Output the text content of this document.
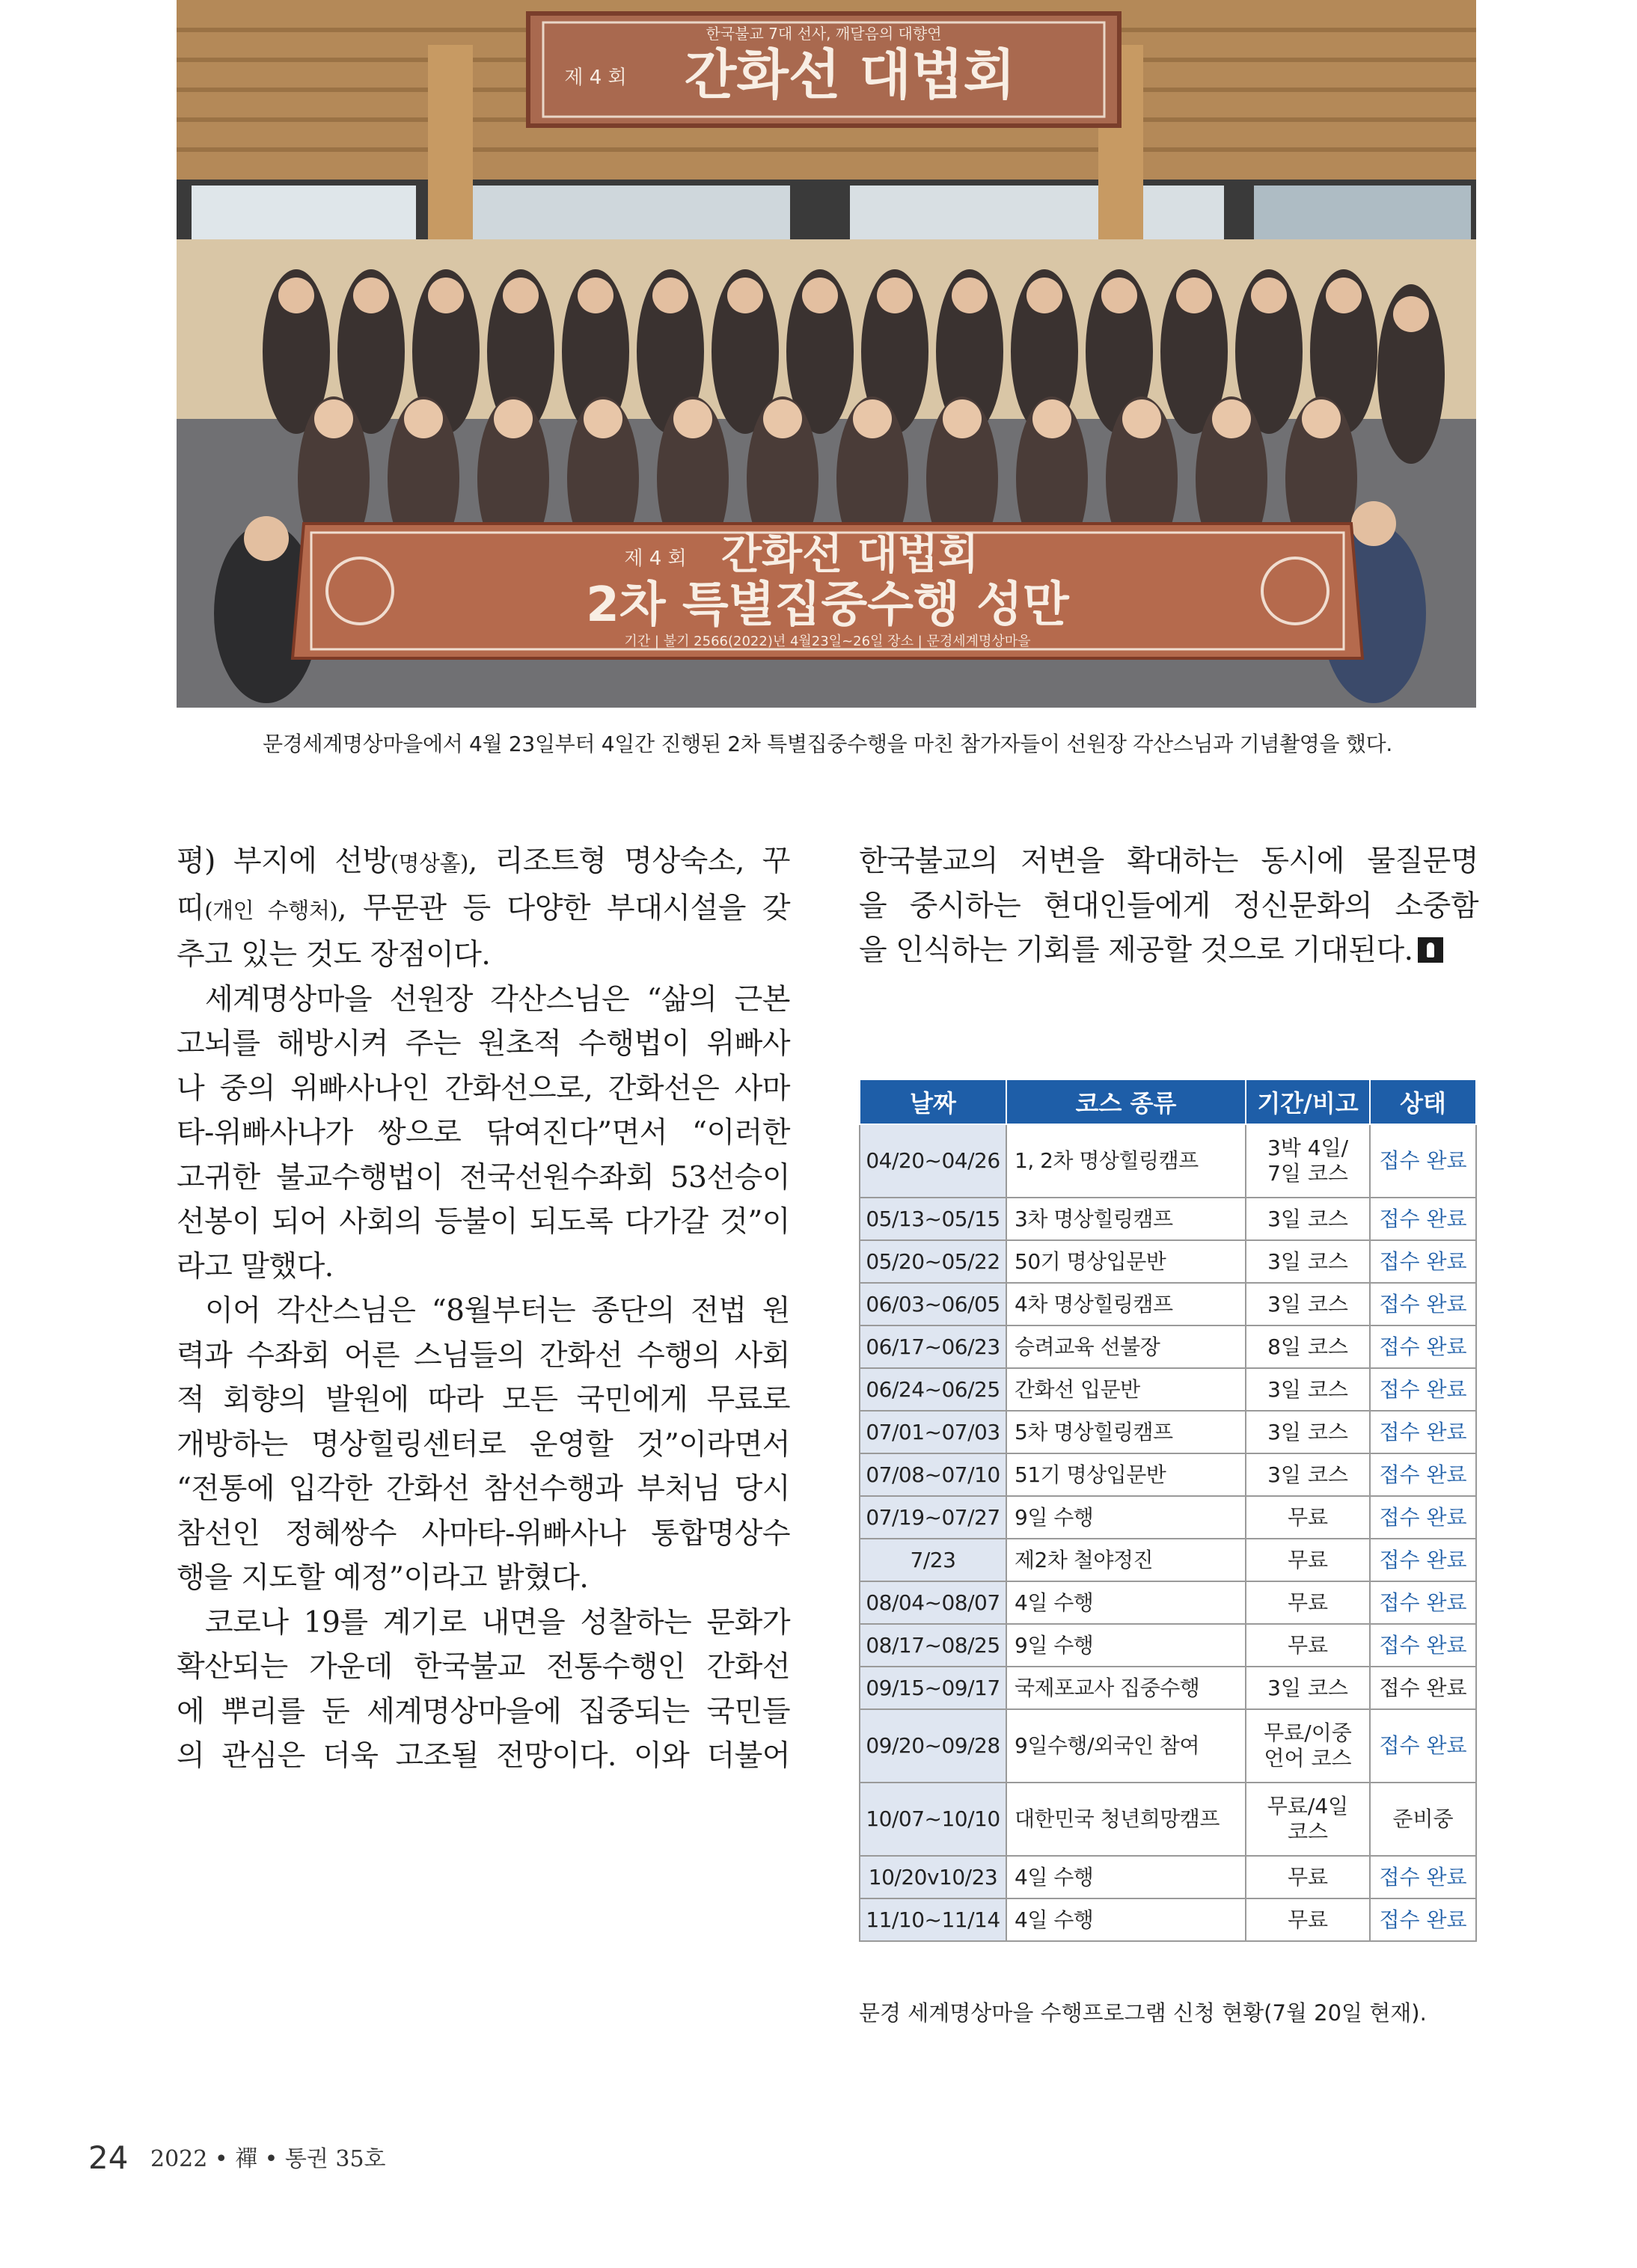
한국불교 7대 선사, 깨달음의 대향연
제 4 회 간화선 대법회
제 4 회 간화선 대법회
2차 특별집중수행 성만
기간 | 불기 2566(2022)년 4월23일~26일 장소 | 문경세계명상마을
문경세계명상마을에서 4월 23일부터 4일간 진행된 2차 특별집중수행을 마친 참가자들이 선원장 각산스님과 기념촬영을 했다.

평) 부지에 선방(명상홀), 리조트형 명상숙소, 꾸

띠(개인 수행처), 무문관 등 다양한 부대시설을 갖

추고 있는 것도 장점이다.

세계명상마을 선원장 각산스님은 “삶의 근본

고뇌를 해방시켜 주는 원초적 수행법이 위빠사

나 중의 위빠사나인 간화선으로, 간화선은 사마

타-위빠사나가 쌍으로 닦여진다”면서 “이러한

고귀한 불교수행법이 전국선원수좌회 53선승이

선봉이 되어 사회의 등불이 되도록 다가갈 것”이

라고 말했다.

이어 각산스님은 “8월부터는 종단의 전법 원

력과 수좌회 어른 스님들의 간화선 수행의 사회

적 회향의 발원에 따라 모든 국민에게 무료로

개방하는 명상힐링센터로 운영할 것”이라면서

“전통에 입각한 간화선 참선수행과 부처님 당시

참선인 정혜쌍수 사마타-위빠사나 통합명상수

행을 지도할 예정”이라고 밝혔다.

코로나 19를 계기로 내면을 성찰하는 문화가

확산되는 가운데 한국불교 전통수행인 간화선

에 뿌리를 둔 세계명상마을에 집중되는 국민들

의 관심은 더욱 고조될 전망이다. 이와 더불어

한국불교의 저변을 확대하는 동시에 물질문명

을 중시하는 현대인들에게 정신문화의 소중함

을 인식하는 기회를 제공할 것으로 기대된다.

날짜	코스 종류	기간/비고	상태
04/20~04/26	1, 2차 명상힐링캠프	3박 4일/
7일 코스	접수 완료
05/13~05/15	3차 명상힐링캠프	3일 코스	접수 완료
05/20~05/22	50기 명상입문반	3일 코스	접수 완료
06/03~06/05	4차 명상힐링캠프	3일 코스	접수 완료
06/17~06/23	승려교육 선불장	8일 코스	접수 완료
06/24~06/25	간화선 입문반	3일 코스	접수 완료
07/01~07/03	5차 명상힐링캠프	3일 코스	접수 완료
07/08~07/10	51기 명상입문반	3일 코스	접수 완료
07/19~07/27	9일 수행	무료	접수 완료
7/23	제2차 철야정진	무료	접수 완료
08/04~08/07	4일 수행	무료	접수 완료
08/17~08/25	9일 수행	무료	접수 완료
09/15~09/17	국제포교사 집중수행	3일 코스	접수 완료
09/20~09/28	9일수행/외국인 참여	무료/이중
언어 코스	접수 완료
10/07~10/10	대한민국 청년희망캠프	무료/4일
코스	준비중
10/20v10/23	4일 수행	무료	접수 완료
11/10~11/14	4일 수행	무료	접수 완료
문경 세계명상마을 수행프로그램 신청 현황(7월 20일 현재).
24 2022 • 禪 • 통권 35호
